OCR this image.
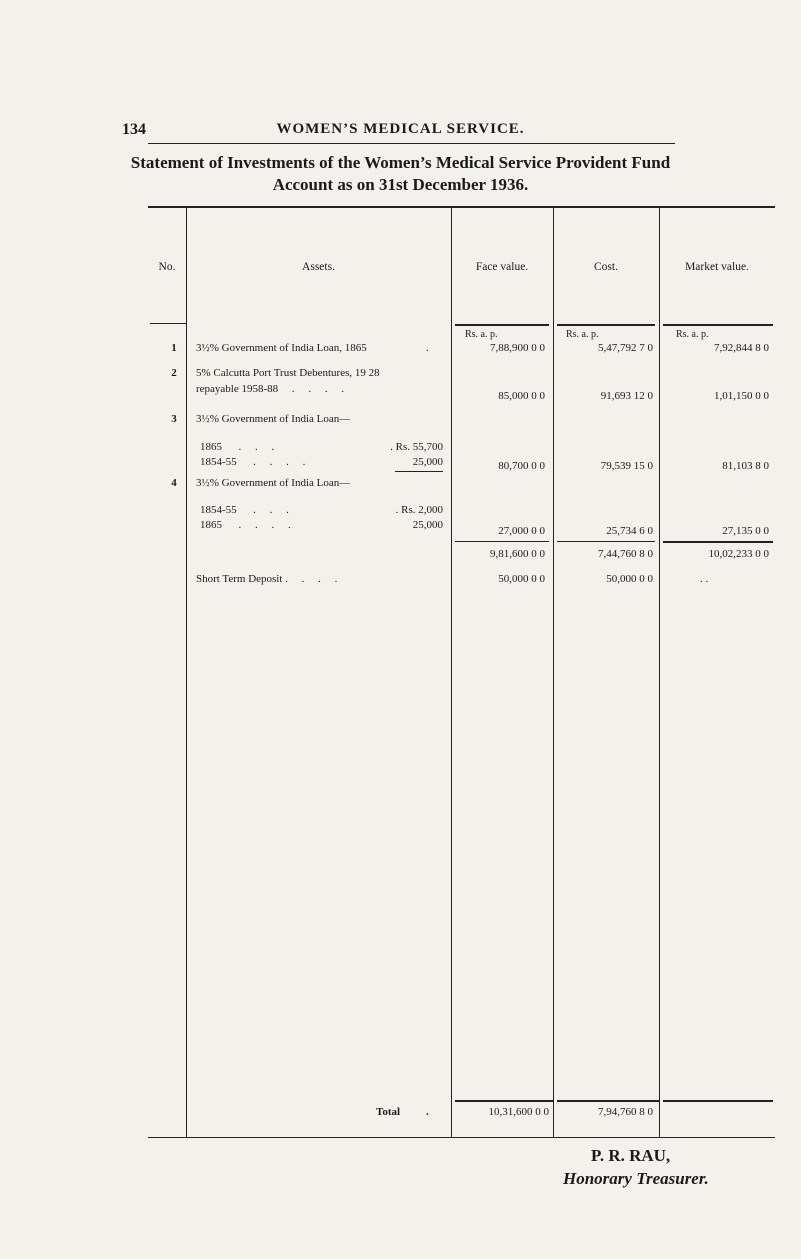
134	WOMEN’S MEDICAL SERVICE.
Statement of Investments of the Women’s Medical Service Provident Fund
Account as on 31st December 1936.
No.	Assets.	Face value.	Cost.	Market value.
Rs. a. p.	Rs. a. p.	Rs. a. p.
1	3½% Government of India Loan, 1865	.	7,88,900 0 0	5,47,792 7 0	7,92,844 8 0
2	5% Calcutta Port Trust Debentures, 19 28
repayable 1958-88     .     .     .     .
85,000 0 0	91,693 12 0	1,01,150 0 0
3	3½% Government of India Loan—
1865      .     .     .	. Rs. 55,700
1854-55      .     .     .     .	25,000	80,700 0 0	79,539 15 0	81,103 8 0
4	3½% Government of India Loan—
1854-55      .     .     .	. Rs. 2,000
1865      .     .     .     .	25,000	27,000 0 0	25,734 6 0	27,135 0 0
9,81,600 0 0	7,44,760 8 0	10,02,233 0 0
Short Term Deposit .     .     .     .	50,000 0 0	50,000 0 0	. .
Total .	10,31,600 0 0	7,94,760 8 0
P. R. RAU,
Honorary Treasurer.
